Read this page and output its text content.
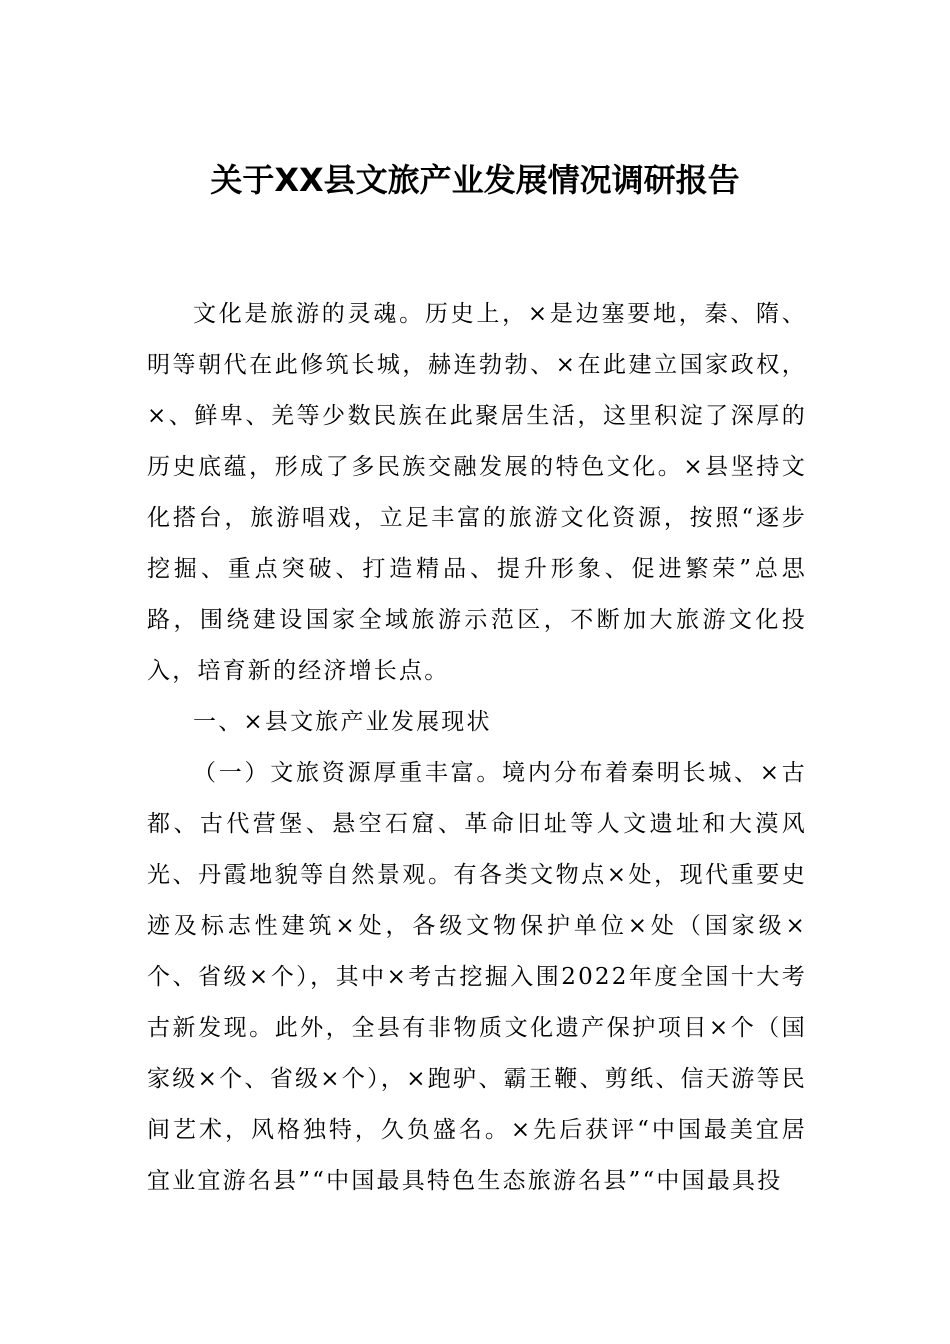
关于XX县文旅产业发展情况调研报告

文化是旅游的灵魂。历史上，×是边塞要地，秦、隋、明等朝代在此修筑长城，赫连勃勃、×在此建立国家政权，×、鲜卑、羌等少数民族在此聚居生活，这里积淀了深厚的历史底蕴，形成了多民族交融发展的特色文化。×县坚持文化搭台，旅游唱戏，立足丰富的旅游文化资源，按照“逐步挖掘、重点突破、打造精品、提升形象、促进繁荣”总思路，围绕建设国家全域旅游示范区，不断加大旅游文化投入，培育新的经济增长点。

一、×县文旅产业发展现状

（一）文旅资源厚重丰富。境内分布着秦明长城、×古都、古代营堡、悬空石窟、革命旧址等人文遗址和大漠风光、丹霞地貌等自然景观。有各类文物点×处，现代重要史迹及标志性建筑×处，各级文物保护单位×处（国家级×个、省级×个），其中×考古挖掘入围2022年度全国十大考古新发现。此外，全县有非物质文化遗产保护项目×个（国家级×个、省级×个），×跑驴、霸王鞭、剪纸、信天游等民间艺术，风格独特，久负盛名。×先后获评“中国最美宜居宜业宜游名县”“中国最具特色生态旅游名县”“中国最具投
